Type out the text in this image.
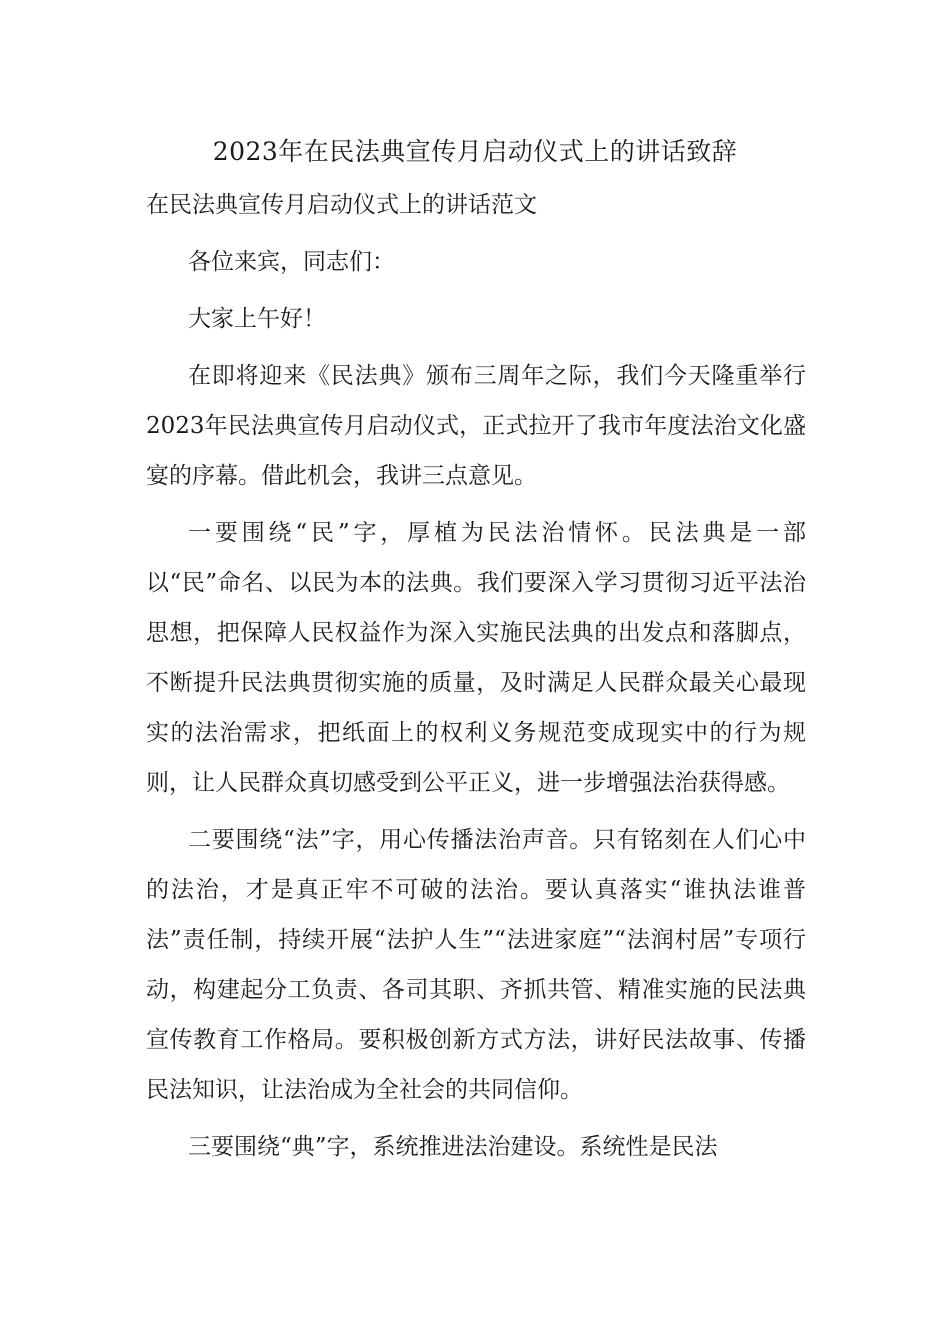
2023年在民法典宣传月启动仪式上的讲话致辞

在民法典宣传月启动仪式上的讲话范文

各位来宾，同志们：

大家上午好！

在即将迎来《民法典》颁布三周年之际，我们今天隆重举行2023年民法典宣传月启动仪式，正式拉开了我市年度法治文化盛宴的序幕。借此机会，我讲三点意见。

一要围绕“民”字，厚植为民法治情怀。民法典是一部以“民”命名、以民为本的法典。我们要深入学习贯彻习近平法治思想，把保障人民权益作为深入实施民法典的出发点和落脚点，不断提升民法典贯彻实施的质量，及时满足人民群众最关心最现实的法治需求，把纸面上的权利义务规范变成现实中的行为规则，让人民群众真切感受到公平正义，进一步增强法治获得感。

二要围绕“法”字，用心传播法治声音。只有铭刻在人们心中的法治，才是真正牢不可破的法治。要认真落实“谁执法谁普法”责任制，持续开展“法护人生”“法进家庭”“法润村居”专项行动，构建起分工负责、各司其职、齐抓共管、精准实施的民法典宣传教育工作格局。要积极创新方式方法，讲好民法故事、传播民法知识，让法治成为全社会的共同信仰。

三要围绕“典”字，系统推进法治建设。系统性是民法
